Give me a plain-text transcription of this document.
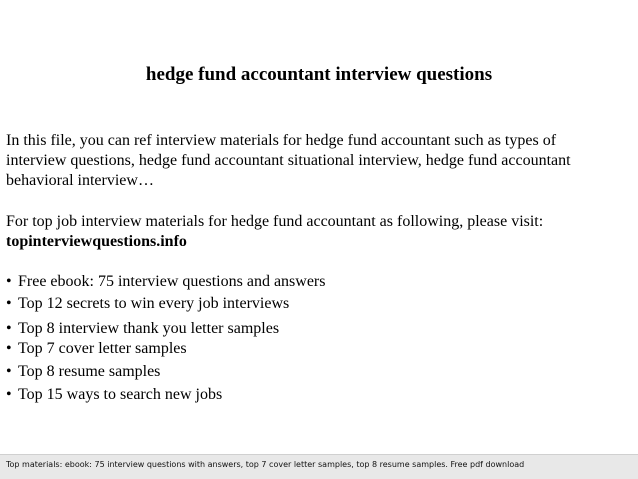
hedge fund accountant interview questions
In this file, you can ref interview materials for hedge fund accountant such as types of
interview questions, hedge fund accountant situational interview, hedge fund accountant
behavioral interview…
For top job interview materials for hedge fund accountant as following, please visit:
topinterviewquestions.info
• Free ebook: 75 interview questions and answers
• Top 12 secrets to win every job interviews
• Top 8 interview thank you letter samples
• Top 7 cover letter samples
• Top 8 resume samples
• Top 15 ways to search new jobs
Top materials: ebook: 75 interview questions with answers, top 7 cover letter samples, top 8 resume samples. Free pdf download
